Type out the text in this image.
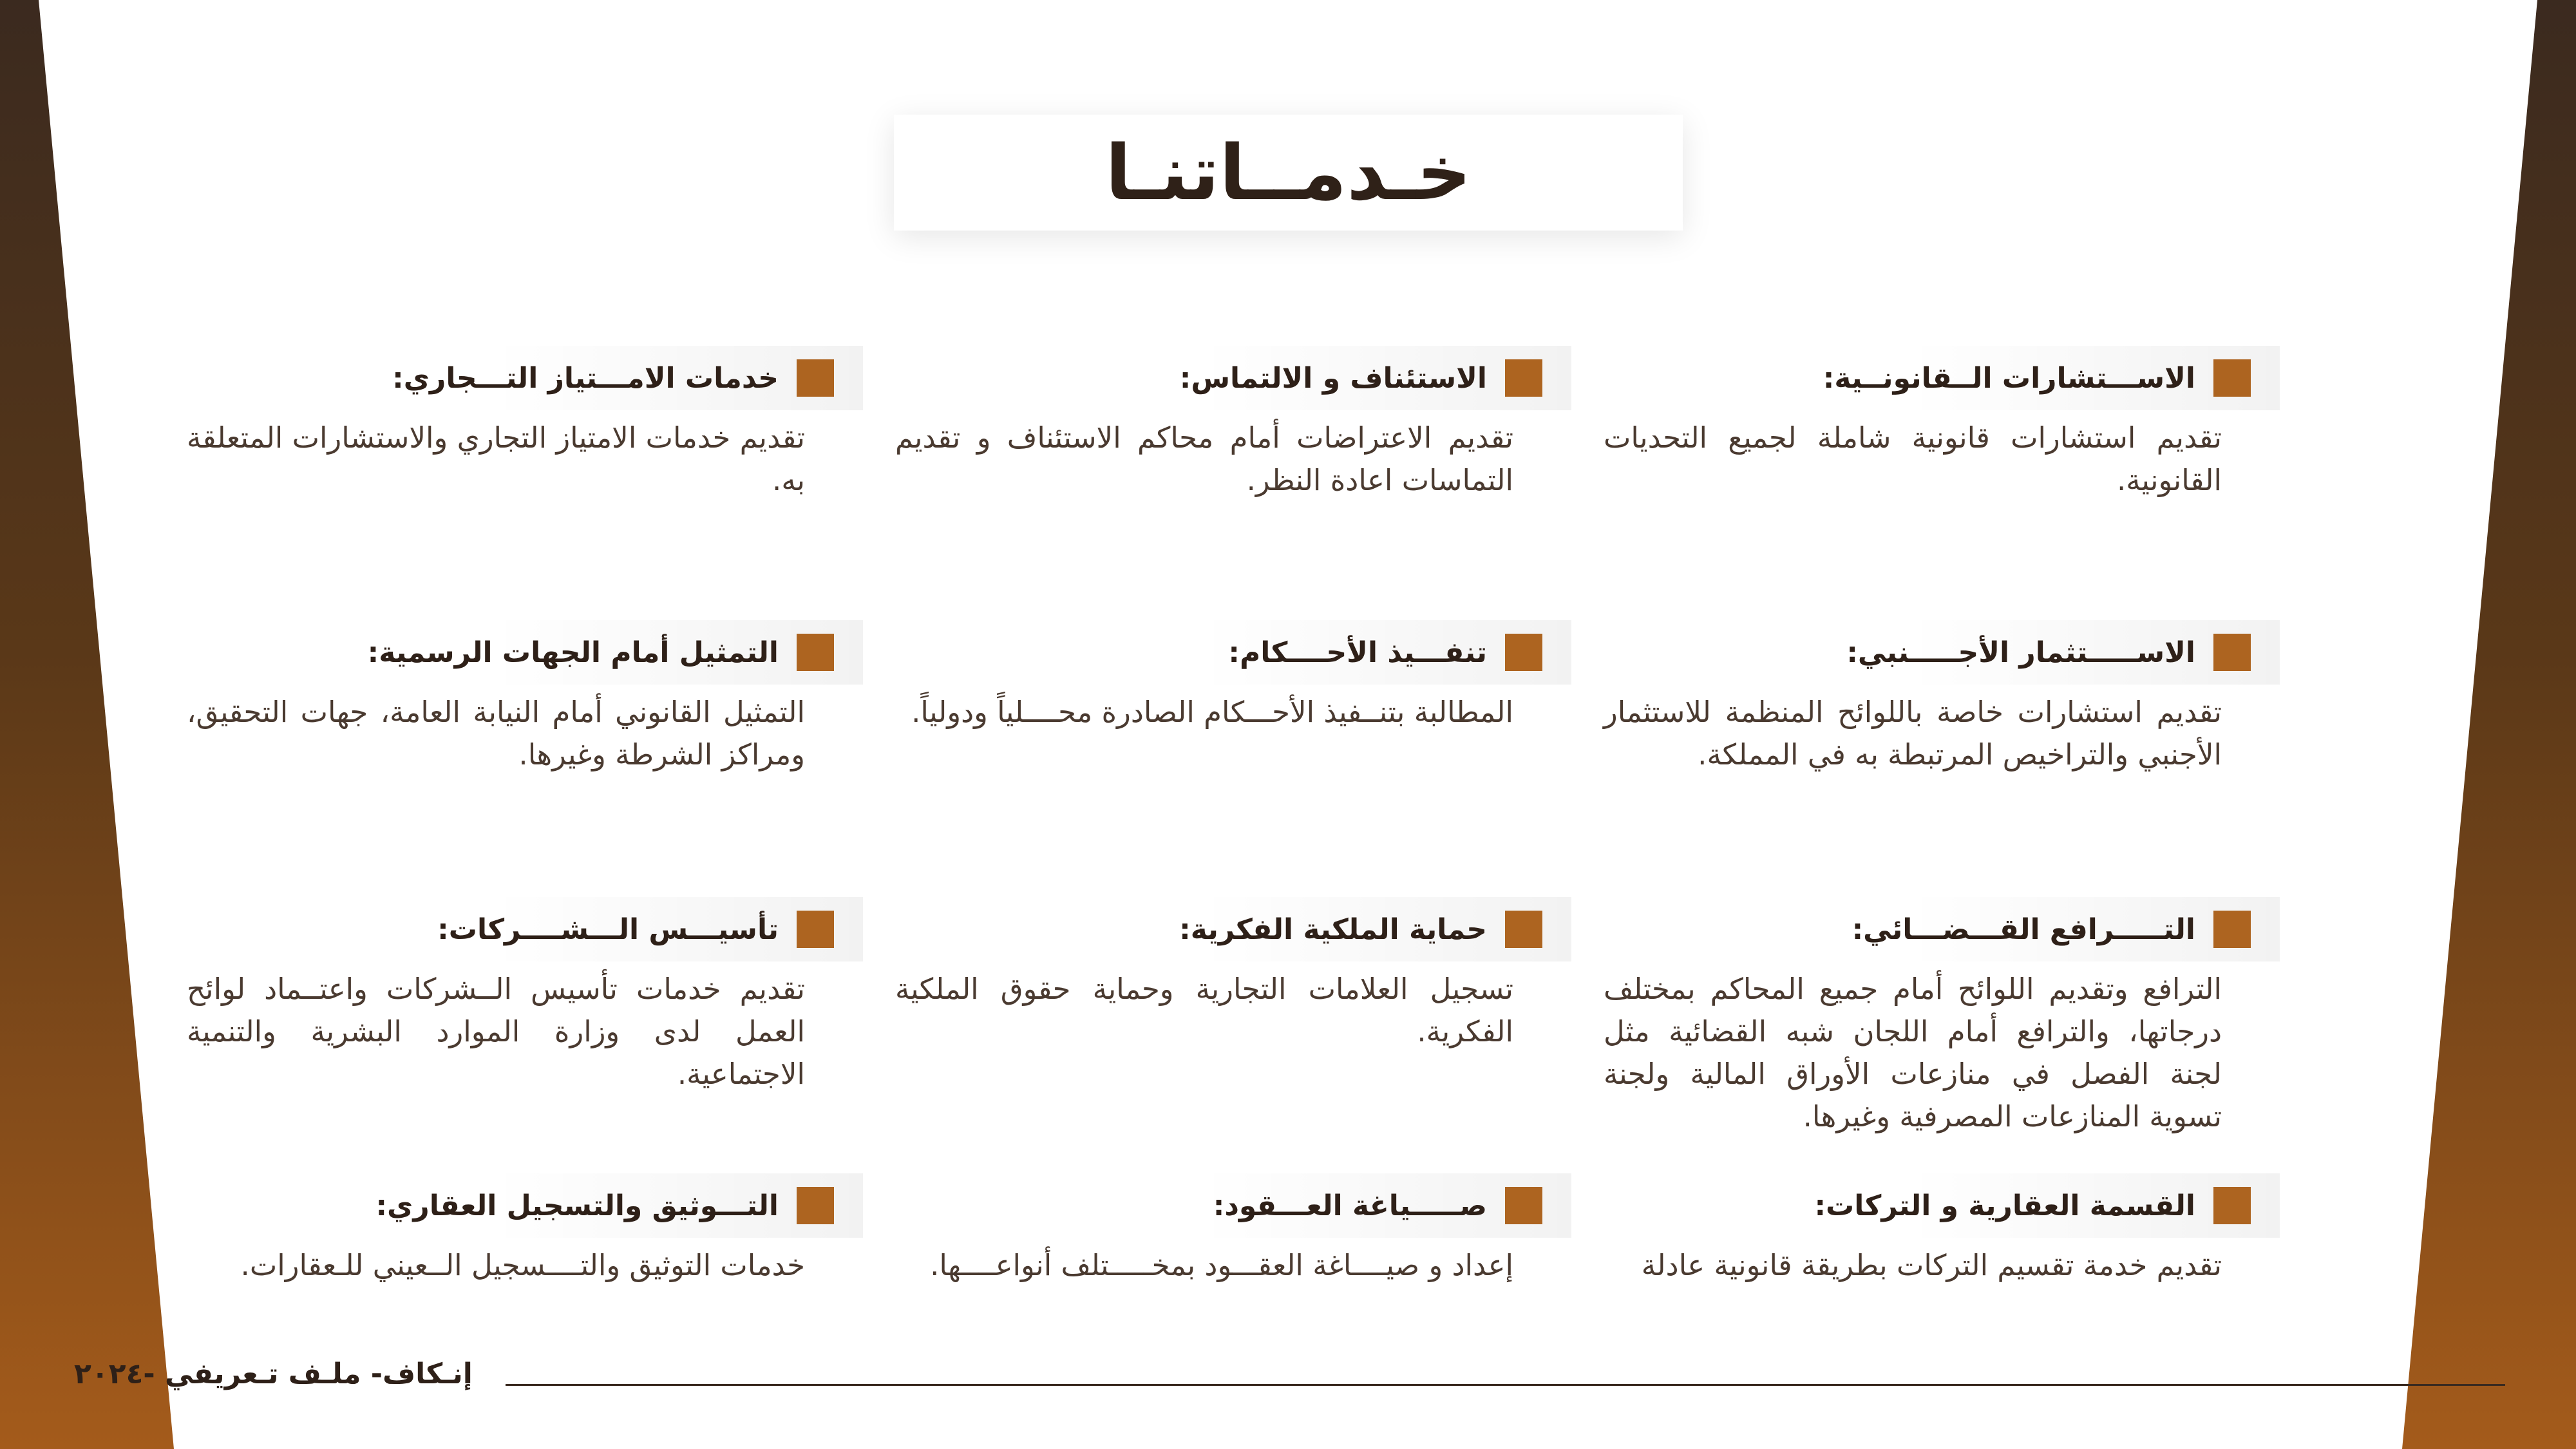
خـدمــاتنـا
الاســـتشارات الــقانونــية:
تقديم استشارات قانونية شاملة لجميع التحديات القانونية.
الاستئناف و الالتماس:
تقديم الاعتراضات أمام محاكم الاستئناف و تقديم التماسات اعادة النظر.
خدمات الامـــتياز التـــجاري:
تقديم خدمات الامتياز التجاري والاستشارات المتعلقة به.
الاســـــتثمار الأجـــــنبي:
تقديم استشارات خاصة باللوائح المنظمة للاستثمار الأجنبي والتراخيص المرتبطة به في المملكة.
تنفـــيذ الأحــــكام:
المطالبة بتنــفيذ الأحـــكام الصادرة محــــلياً ودولياً.
التمثيل أمام الجهات الرسمية:
التمثيل القانوني أمام النيابة العامة، جهات التحقيق، ومراكز الشرطة وغيرها.
التـــــرافع القـــضـــائي:
الترافع وتقديم اللوائح أمام جميع المحاكم بمختلف درجاتها، والترافع أمام اللجان شبه القضائية مثل لجنة الفصل في منازعات الأوراق المالية ولجنة تسوية المنازعات المصرفية وغيرها.
حماية الملكية الفكرية:
تسجيل العلامات التجارية وحماية حقوق الملكية الفكرية.
تأسيـــس الـــشــــركات:
تقديم خدمات تأسيس الــشركات واعتــماد لوائح العمل لدى وزارة الموارد البشرية والتنمية الاجتماعية.
القسمة العقارية و التركات:
تقديم خدمة تقسيم التركات بطريقة قانونية عادلة
صـــــياغة العـــقود:
إعداد و صيــــاغة العقـــود بمخـــــتلف أنواعــــها.
التـــوثيق والتسجيل العقاري:
خدمات التوثيق والتــــسجيل الــعيني للـعقارات.
إنـكاف- ملـف تـعريفي -٢٠٢٤
